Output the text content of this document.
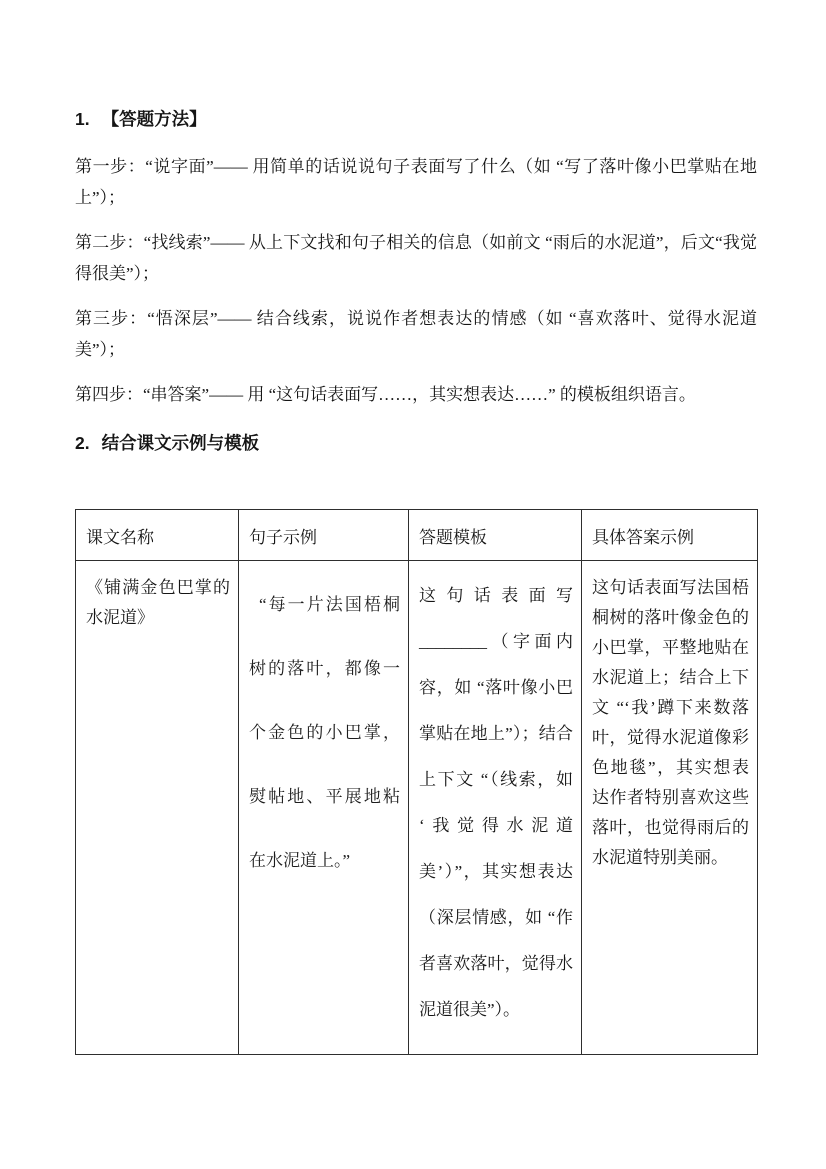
1. 【答题方法】

第一步：“说字面”—— 用简单的话说说句子表面写了什么（如 “写了落叶像小巴掌贴在地上”）；

第二步：“找线索”—— 从上下文找和句子相关的信息（如前文 “雨后的水泥道”，后文“我觉得很美”）；

第三步：“悟深层”—— 结合线索，说说作者想表达的情感（如 “喜欢落叶、觉得水泥道美”）；

第四步：“串答案”—— 用 “这句话表面写……，其实想表达……” 的模板组织语言。

2. 结合课文示例与模板
课文名称	句子示例	答题模板	具体答案示例
《铺满金色巴掌的水泥道》	“每一片法国梧桐树的落叶，都像一个金色的小巴掌，熨帖地、平展地粘在水泥道上。”	这句话表面写________（字面内容，如 “落叶像小巴掌贴在地上”）；结合上下文 “（线索，如 ‘我觉得水泥道美’）”，其实想表达（深层情感，如 “作者喜欢落叶，觉得水泥道很美”）。	这句话表面写法国梧桐树的落叶像金色的小巴掌，平整地贴在水泥道上；结合上下文 “‘我’蹲下来数落叶，觉得水泥道像彩色地毯”，其实想表达作者特别喜欢这些落叶，也觉得雨后的水泥道特别美丽。
